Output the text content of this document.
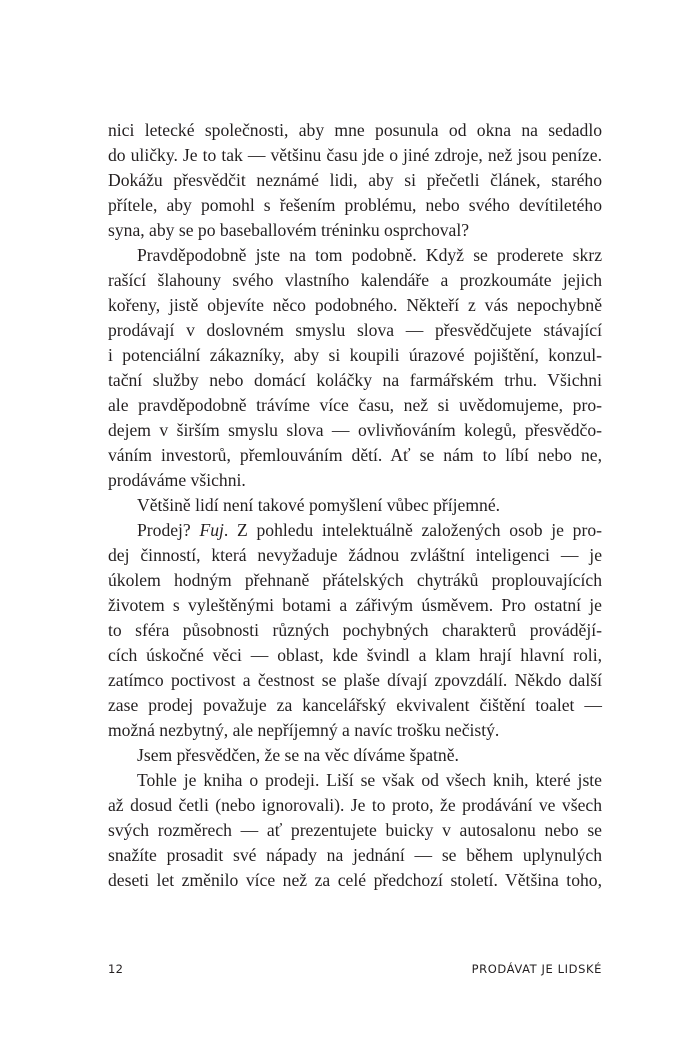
nici letecké společnosti, aby mne posunula od okna na sedadlo
do uličky. Je to tak — většinu času jde o jiné zdroje, než jsou peníze.
Dokážu přesvědčit neznámé lidi, aby si přečetli článek, starého
přítele, aby pomohl s řešením problému, nebo svého devítiletého
syna, aby se po baseballovém tréninku osprchoval?

Pravděpodobně jste na tom podobně. Když se proderete skrz
rašící šlahouny svého vlastního kalendáře a prozkoumáte jejich
kořeny, jistě objevíte něco podobného. Někteří z vás nepochybně
prodávají v doslovném smyslu slova — přesvědčujete stávající
i potenciální zákazníky, aby si koupili úrazové pojištění, konzul-
tační služby nebo domácí koláčky na farmářském trhu. Všichni
ale pravděpodobně trávíme více času, než si uvědomujeme, pro-
dejem v širším smyslu slova — ovlivňováním kolegů, přesvědčo-
váním investorů, přemlouváním dětí. Ať se nám to líbí nebo ne,
prodáváme všichni.

Většině lidí není takové pomyšlení vůbec příjemné.

Prodej? Fuj. Z pohledu intelektuálně založených osob je pro-
dej činností, která nevyžaduje žádnou zvláštní inteligenci — je
úkolem hodným přehnaně přátelských chytráků proplouvajících
životem s vyleštěnými botami a zářivým úsměvem. Pro ostatní je
to sféra působnosti různých pochybných charakterů provádějí-
cích úskočné věci — oblast, kde švindl a klam hrají hlavní roli,
zatímco poctivost a čestnost se plaše dívají zpovzdálí. Někdo další
zase prodej považuje za kancelářský ekvivalent čištění toalet —
možná nezbytný, ale nepříjemný a navíc trošku nečistý.

Jsem přesvědčen, že se na věc díváme špatně.

Tohle je kniha o prodeji. Liší se však od všech knih, které jste
až dosud četli (nebo ignorovali). Je to proto, že prodávání ve všech
svých rozměrech — ať prezentujete buicky v autosalonu nebo se
snažíte prosadit své nápady na jednání — se během uplynulých
deseti let změnilo více než za celé předchozí století. Většina toho,

12	PRODÁVAT JE LIDSKÉ
